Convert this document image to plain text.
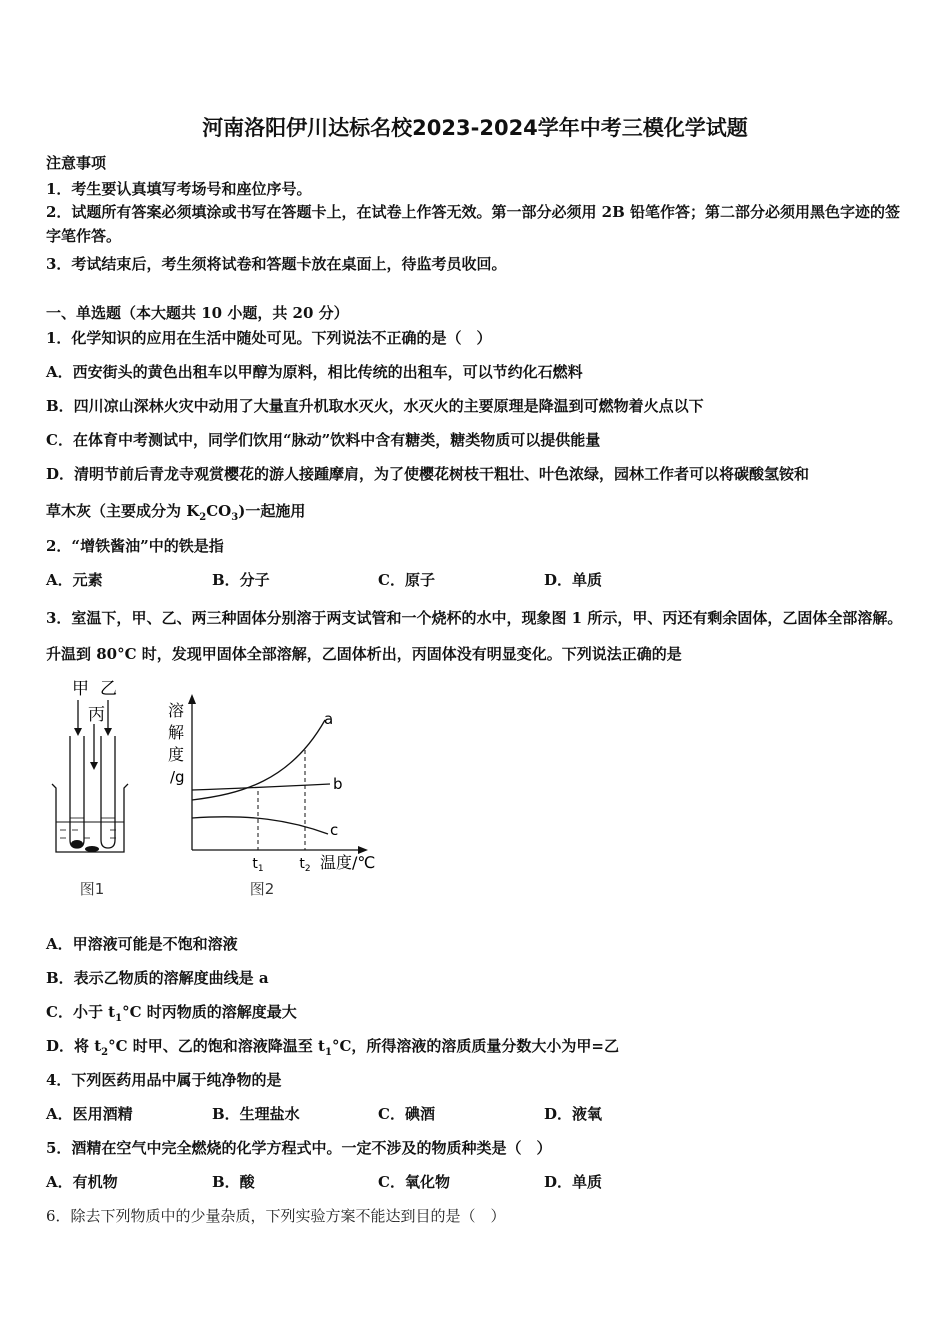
河南洛阳伊川达标名校2023-2024学年中考三模化学试题
注意事项
1．考生要认真填写考场号和座位序号。
2．试题所有答案必须填涂或书写在答题卡上，在试卷上作答无效。第一部分必须用 2B 铅笔作答；第二部分必须用黑色字迹的签字笔作答。
3．考试结束后，考生须将试卷和答题卡放在桌面上，待监考员收回。
一、单选题（本大题共 10 小题，共 20 分）
1．化学知识的应用在生活中随处可见。下列说法不正确的是（　）
A．西安街头的黄色出租车以甲醇为原料，相比传统的出租车，可以节约化石燃料
B．四川凉山深林火灾中动用了大量直升机取水灭火，水灭火的主要原理是降温到可燃物着火点以下
C．在体育中考测试中，同学们饮用“脉动”饮料中含有糖类，糖类物质可以提供能量
D．清明节前后青龙寺观赏樱花的游人接踵摩肩，为了使樱花树枝干粗壮、叶色浓绿，园林工作者可以将碳酸氢铵和
草木灰（主要成分为 $K_2CO_3$)一起施用
2．“增铁酱油”中的铁是指
A．元素	B．分子	C．原子	D．单质
3．室温下，甲、乙、两三种固体分别溶于两支试管和一个烧杯的水中，现象图 1 所示，甲、丙还有剩余固体，乙固体全部溶解。升温到 80°C 时，发现甲固体全部溶解，乙固体析出，丙固体没有明显变化。下列说法正确的是
甲 乙
丙
图1
溶
解
度
/g
a
b
c
$t_1$	$t_2$ 温度/℃
图2
A．甲溶液可能是不饱和溶液
B．表示乙物质的溶解度曲线是 a
C．小于 $t_1^\circ C$ 时丙物质的溶解度最大
D．将 $t_2^\circ C$ 时甲、乙的饱和溶液降温至 $t_1^\circ C$，所得溶液的溶质质量分数大小为甲=乙
4．下列医药用品中属于纯净物的是
A．医用酒精	B．生理盐水	C．碘酒	D．液氧
5．酒精在空气中完全燃烧的化学方程式中。一定不涉及的物质种类是（　）
A．有机物	B．酸	C．氧化物	D．单质
6．除去下列物质中的少量杂质，下列实验方案不能达到目的是（　）
